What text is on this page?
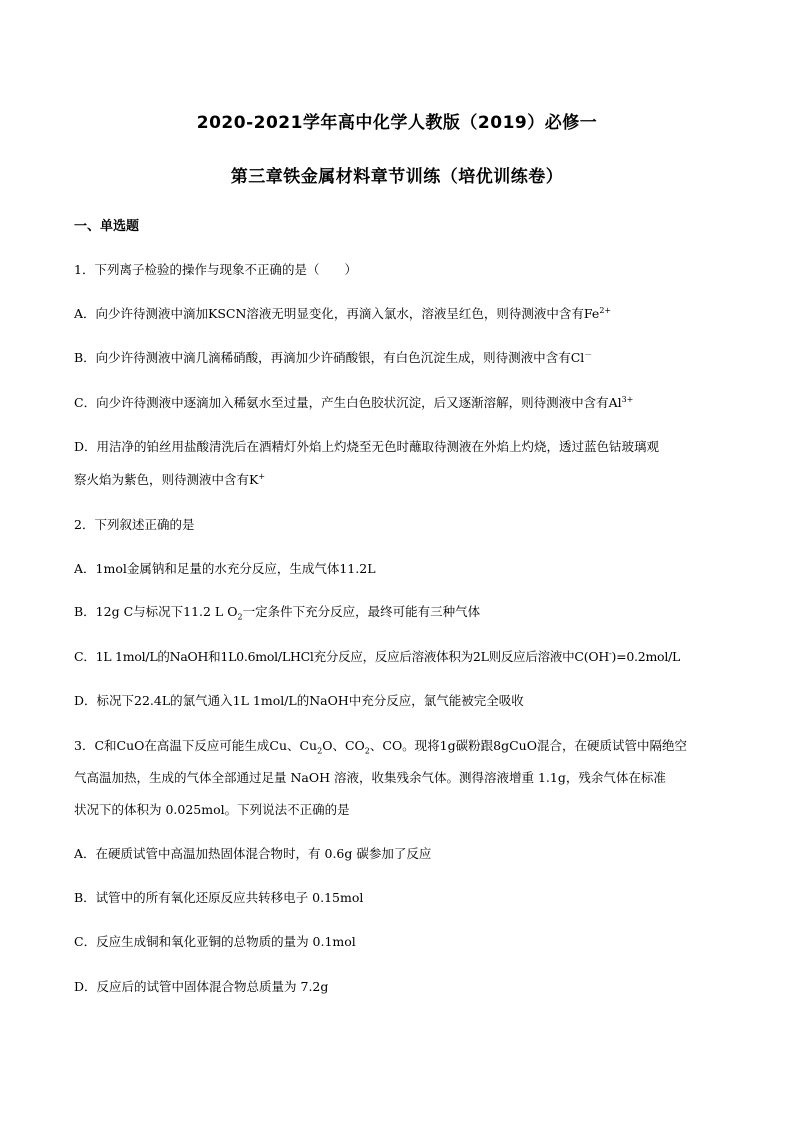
2020-2021学年高中化学人教版（2019）必修一
第三章铁金属材料章节训练（培优训练卷）
一、单选题
1．下列离子检验的操作与现象不正确的是（　　）
A．向少许待测液中滴加KSCN溶液无明显变化，再滴入氯水，溶液呈红色，则待测液中含有$Fe^{2+}$
B．向少许待测液中滴几滴稀硝酸，再滴加少许硝酸银，有白色沉淀生成，则待测液中含有Cl－
C．向少许待测液中逐滴加入稀氨水至过量，产生白色胶状沉淀，后又逐渐溶解，则待测液中含有$Al^{3+}$
D．用洁净的铂丝用盐酸清洗后在酒精灯外焰上灼烧至无色时蘸取待测液在外焰上灼烧，透过蓝色钴玻璃观
察火焰为紫色，则待测液中含有K+
2．下列叙述正确的是
A．1mol金属钠和足量的水充分反应，生成气体11.2L
B．12g C与标况下11.2 L $O_2$一定条件下充分反应，最终可能有三种气体
C．1L 1mol/L的NaOH和1L0.6mol/LHCl充分反应，反应后溶液体积为2L则反应后溶液中C(OH-)=0.2mol/L
D．标况下22.4L的氯气通入1L 1mol/L的NaOH中充分反应，氯气能被完全吸收
3．C和CuO在高温下反应可能生成Cu、$Cu_2O$、$CO_2$、CO。现将1g碳粉跟8gCuO混合，在硬质试管中隔绝空
气高温加热，生成的气体全部通过足量 NaOH 溶液，收集残余气体。测得溶液增重 1.1g，残余气体在标准
状况下的体积为 0.025mol。下列说法不正确的是
A．在硬质试管中高温加热固体混合物时，有 0.6g 碳参加了反应
B．试管中的所有氧化还原反应共转移电子 0.15mol
C．反应生成铜和氧化亚铜的总物质的量为 0.1mol
D．反应后的试管中固体混合物总质量为 7.2g
